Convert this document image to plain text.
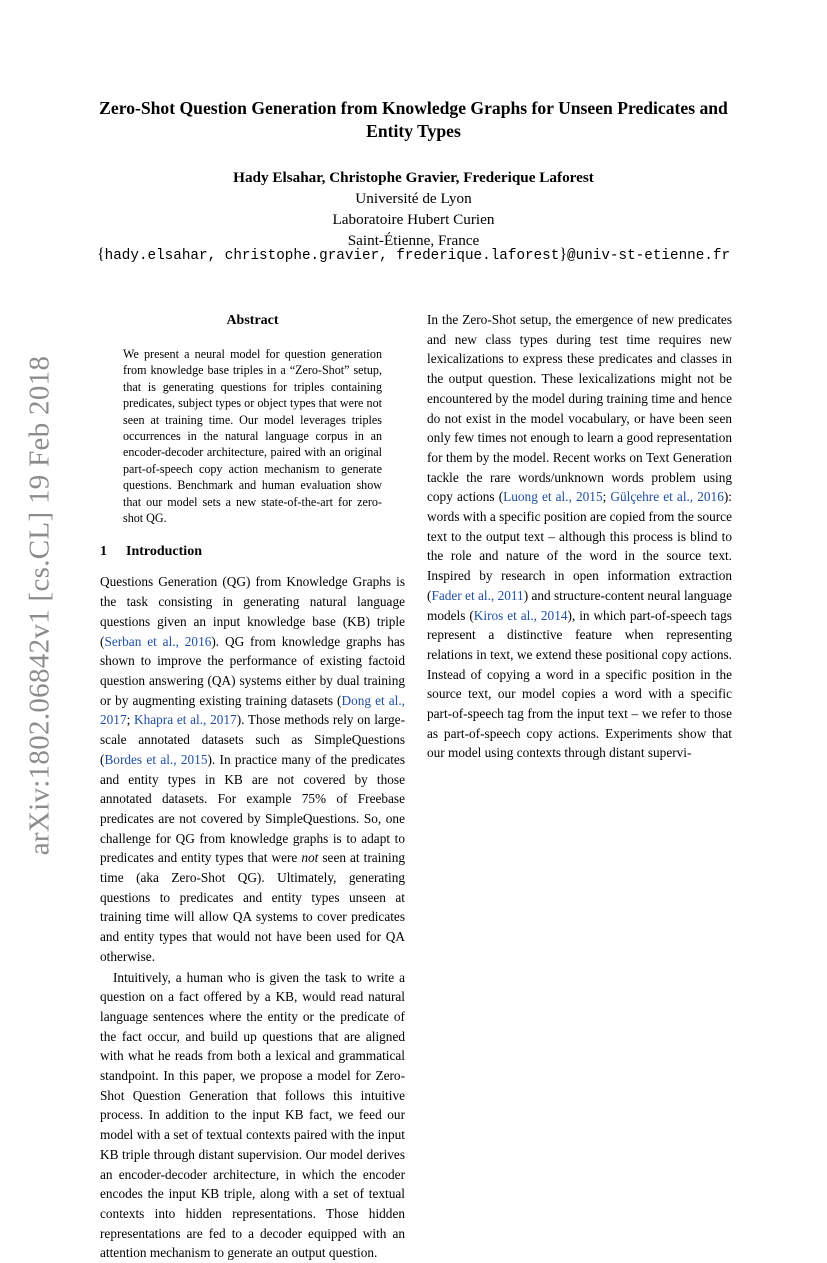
arXiv:1802.06842v1 [cs.CL] 19 Feb 2018
Zero-Shot Question Generation from Knowledge Graphs for Unseen Predicates and Entity Types
Hady Elsahar, Christophe Gravier, Frederique Laforest
Université de Lyon
Laboratoire Hubert Curien
Saint-Étienne, France
{hady.elsahar, christophe.gravier, frederique.laforest}@univ-st-etienne.fr
Abstract
We present a neural model for question generation from knowledge base triples in a “Zero-Shot” setup, that is generating questions for triples containing predicates, subject types or object types that were not seen at training time. Our model leverages triples occurrences in the natural language corpus in an encoder-decoder architecture, paired with an original part-of-speech copy action mechanism to generate questions. Benchmark and human evaluation show that our model sets a new state-of-the-art for zero-shot QG.
1 Introduction

Questions Generation (QG) from Knowledge Graphs is the task consisting in generating natural language questions given an input knowledge base (KB) triple (Serban et al., 2016). QG from knowledge graphs has shown to improve the performance of existing factoid question answering (QA) systems either by dual training or by augmenting existing training datasets (Dong et al., 2017; Khapra et al., 2017). Those methods rely on large-scale annotated datasets such as SimpleQuestions (Bordes et al., 2015). In practice many of the predicates and entity types in KB are not covered by those annotated datasets. For example 75% of Freebase predicates are not covered by SimpleQuestions. So, one challenge for QG from knowledge graphs is to adapt to predicates and entity types that were not seen at training time (aka Zero-Shot QG). Ultimately, generating questions to predicates and entity types unseen at training time will allow QA systems to cover predicates and entity types that would not have been used for QA otherwise.

Intuitively, a human who is given the task to write a question on a fact offered by a KB, would read natural language sentences where the entity or the predicate of the fact occur, and build up questions that are aligned with what he reads from both a lexical and grammatical standpoint. In this paper, we propose a model for Zero-Shot Question Generation that follows this intuitive process. In addition to the input KB fact, we feed our model with a set of textual contexts paired with the input KB triple through distant supervision. Our model derives an encoder-decoder architecture, in which the encoder encodes the input KB triple, along with a set of textual contexts into hidden representations. Those hidden representations are fed to a decoder equipped with an attention mechanism to generate an output question.

In the Zero-Shot setup, the emergence of new predicates and new class types during test time requires new lexicalizations to express these predicates and classes in the output question. These lexicalizations might not be encountered by the model during training time and hence do not exist in the model vocabulary, or have been seen only few times not enough to learn a good representation for them by the model. Recent works on Text Generation tackle the rare words/unknown words problem using copy actions (Luong et al., 2015; Gülçehre et al., 2016): words with a specific position are copied from the source text to the output text – although this process is blind to the role and nature of the word in the source text. Inspired by research in open information extraction (Fader et al., 2011) and structure-content neural language models (Kiros et al., 2014), in which part-of-speech tags represent a distinctive feature when representing relations in text, we extend these positional copy actions. Instead of copying a word in a specific position in the source text, our model copies a word with a specific part-of-speech tag from the input text – we refer to those as part-of-speech copy actions. Experiments show that our model using contexts through distant supervi-
